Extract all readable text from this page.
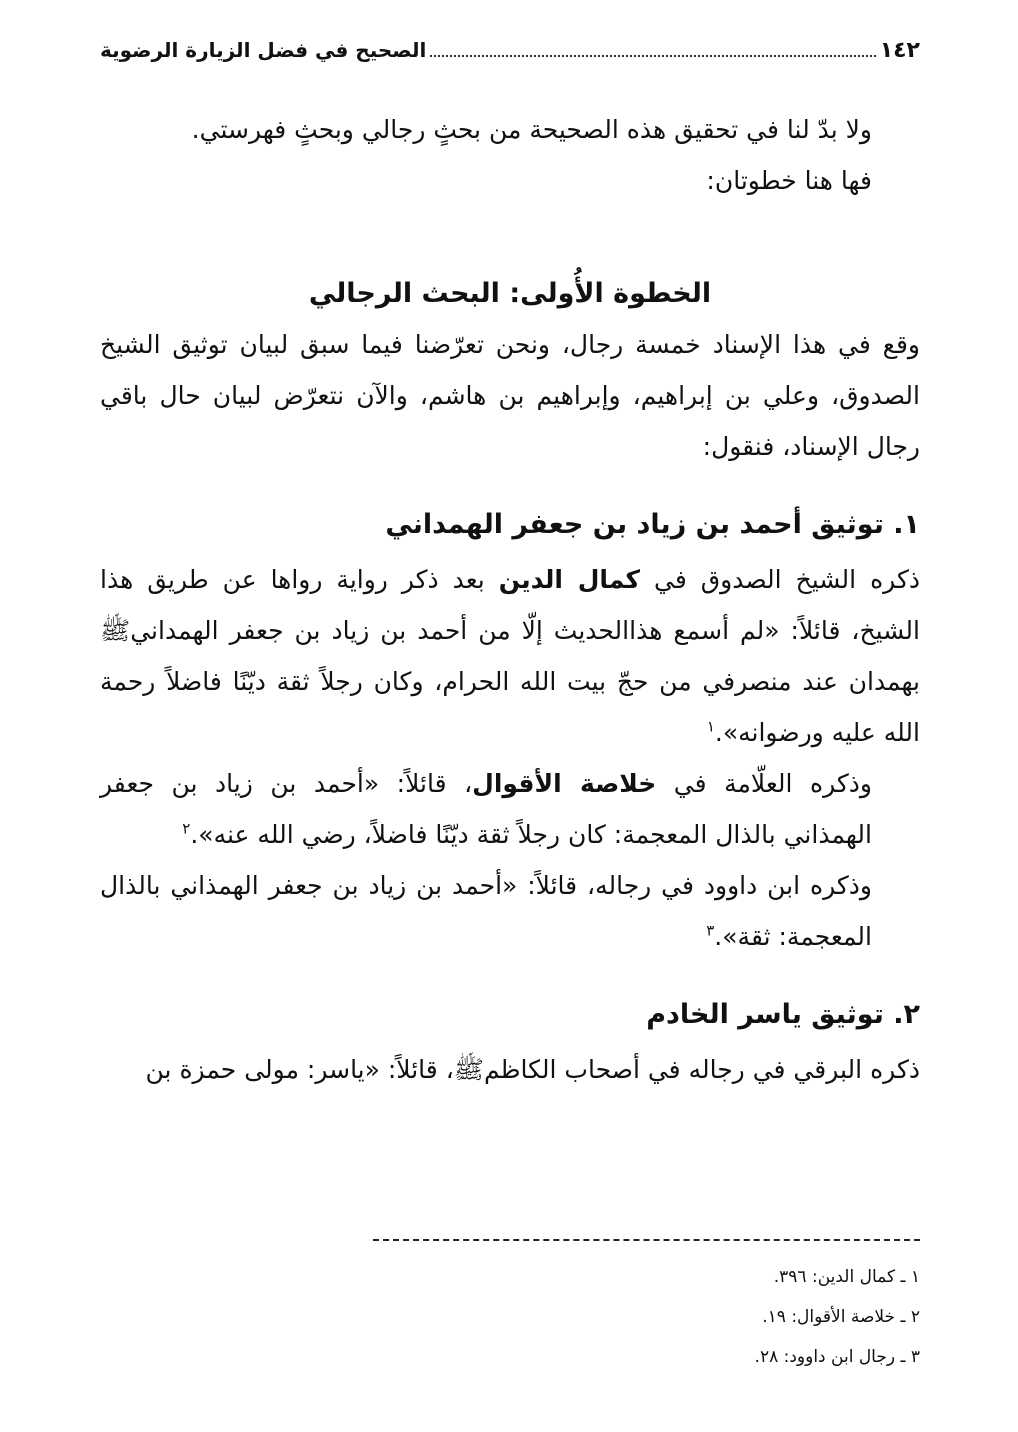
١٤٢
الصحيح في فضل الزيارة الرضوية

ولا بدّ لنا في تحقيق هذه الصحيحة من بحثٍ رجالي وبحثٍ فهرستي.

فها هنا خطوتان:

الخطوة الأُولى: البحث الرجالي

وقع في هذا الإسناد خمسة رجال، ونحن تعرّضنا فيما سبق لبيان توثيق الشيخ الصدوق، وعلي بن إبراهيم، وإبراهيم بن هاشم، والآن نتعرّض لبيان حال باقي رجال الإسناد، فنقول:

١. توثيق أحمد بن زياد بن جعفر الهمداني

ذكره الشيخ الصدوق في كمال الدين بعد ذكر رواية رواها عن طريق هذا الشيخ، قائلاً: «لم أسمع هذاالحديث إلّا من أحمد بن زياد بن جعفر الهمدانيﷺ بهمدان عند منصرفي من حجّ بيت الله الحرام، وكان رجلاً ثقة ديّنًا فاضلاً رحمة الله عليه ورضوانه».$^١$

وذكره العلّامة في خلاصة الأقوال، قائلاً: «أحمد بن زياد بن جعفر الهمذاني بالذال المعجمة: كان رجلاً ثقة ديّنًا فاضلاً، رضي الله عنه».$^٢$

وذكره ابن داوود في رجاله، قائلاً: «أحمد بن زياد بن جعفر الهمذاني بالذال المعجمة: ثقة».$^٣$

٢. توثيق ياسر الخادم

ذكره البرقي في رجاله في أصحاب الكاظمﷺ، قائلاً: «ياسر: مولى حمزة بن

١ ـ كمال الدين: ٣٩٦.
٢ ـ خلاصة الأقوال: ١٩.
٣ ـ رجال ابن داوود: ٢٨.
